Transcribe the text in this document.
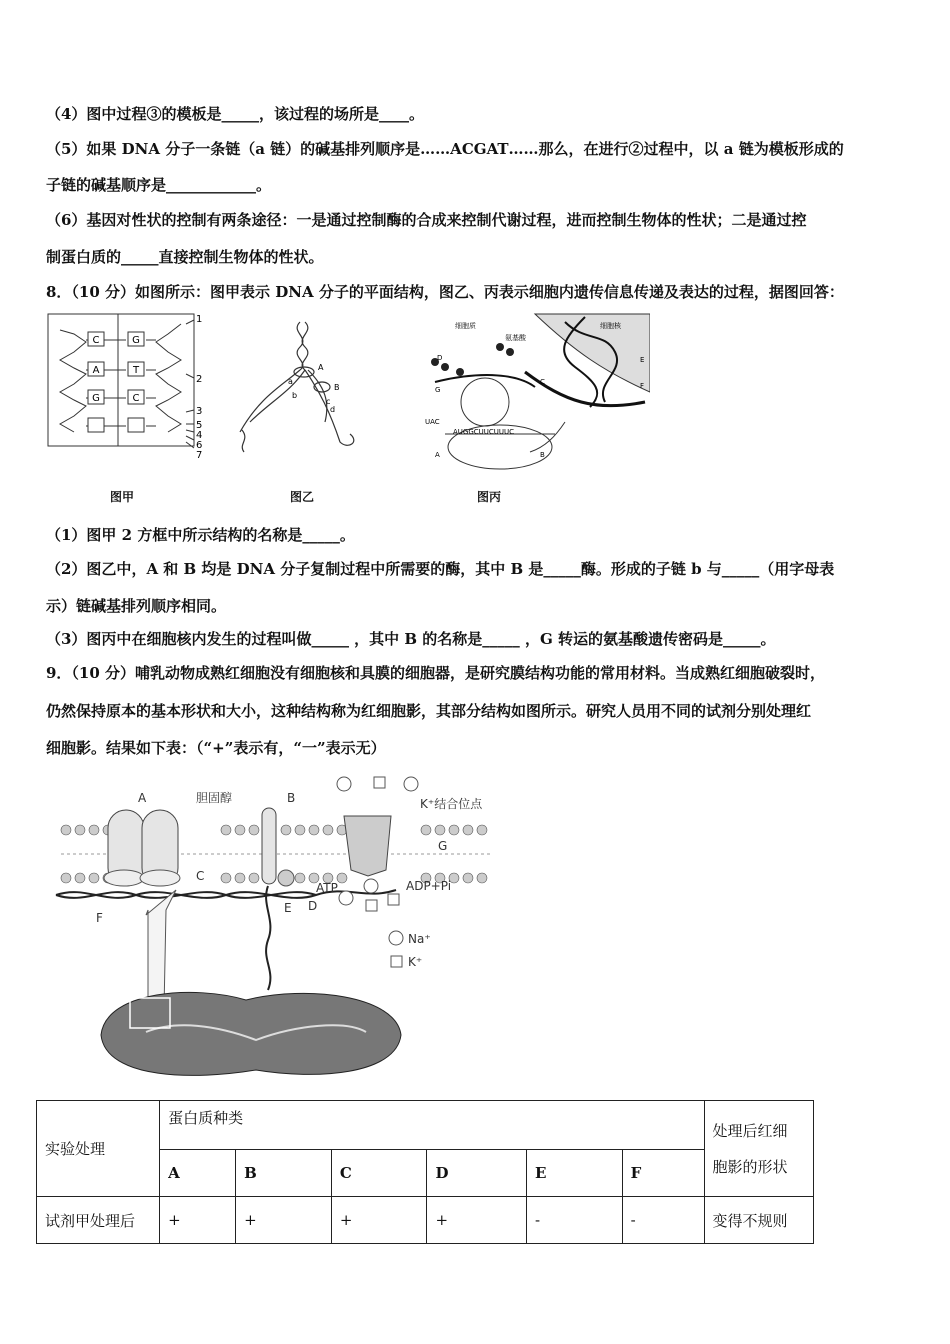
（4）图中过程③的模板是_____，该过程的场所是____。
（5）如果 DNA 分子一条链（a 链）的碱基排列顺序是……ACGAT……那么，在进行②过程中，以 a 链为模板形成的
子链的碱基顺序是____________。
（6）基因对性状的控制有两条途径：一是通过控制酶的合成来控制代谢过程，进而控制生物体的性状；二是通过控
制蛋白质的_____直接控制生物体的性状。
8．（10 分）如图所示：图甲表示 DNA 分子的平面结构，图乙、丙表示细胞内遗传信息传递及表达的过程，据图回答：
C
A
G
G
T
C
1
2
3
5
4
6
7
A
B
a
b
c
d
细胞质
氨基酸
细胞核
D
G
C
A	B
E
F
UAC
AUGGCUUCUUUC
图甲	图乙	图丙
（1）图甲 2 方框中所示结构的名称是_____。
（2）图乙中，A 和 B 均是 DNA 分子复制过程中所需要的酶，其中 B 是_____酶。形成的子链 b 与_____（用字母表
示）链碱基排列顺序相同。
（3）图丙中在细胞核内发生的过程叫做_____ ，其中 B 的名称是_____ ，G 转运的氨基酸遗传密码是_____。
9．（10 分）哺乳动物成熟红细胞没有细胞核和具膜的细胞器，是研究膜结构功能的常用材料。当成熟红细胞破裂时，
仍然保持原本的基本形状和大小，这种结构称为红细胞影，其部分结构如图所示。研究人员用不同的试剂分别处理红
细胞影。结果如下表：（“+”表示有，“一”表示无）
A	胆固醇	B	K⁺结合位点
G
C
ATP	ADP+Pi
F
E D
Na⁺
K⁺
实验处理	蛋白质种类						处理后红细
胞影的形状
	A	B	C	D	E	F	
试剂甲处理后	+	+	+	+	-	-	变得不规则
